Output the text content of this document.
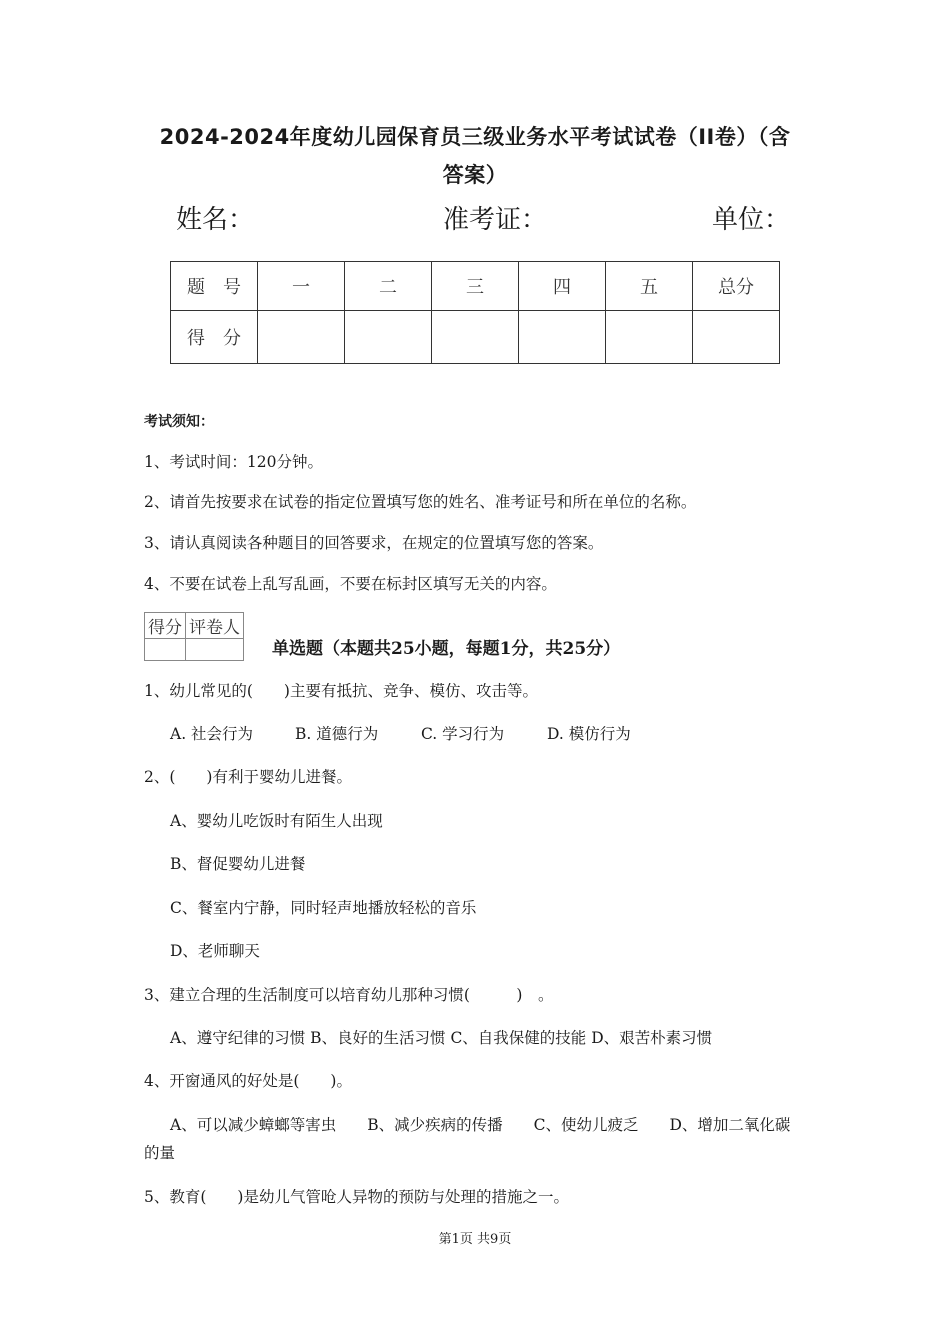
2024-2024年度幼儿园保育员三级业务水平考试试卷（II卷）（含
答案）
姓名：	准考证：	单位：
题　号	一	二	三	四	五	总分
得　分						
考试须知：
1、考试时间：120分钟。
2、请首先按要求在试卷的指定位置填写您的姓名、准考证号和所在单位的名称。
3、请认真阅读各种题目的回答要求，在规定的位置填写您的答案。
4、不要在试卷上乱写乱画，不要在标封区填写无关的内容。
得分	评卷人

单选题（本题共25小题，每题1分，共25分）
1、幼儿常见的(　　)主要有抵抗、竞争、模仿、攻击等。
A. 社会行为	B. 道德行为	C. 学习行为	D. 模仿行为
2、(　　)有利于婴幼儿进餐。
A、婴幼儿吃饭时有陌生人出现
B、督促婴幼儿进餐
C、餐室内宁静，同时轻声地播放轻松的音乐
D、老师聊天
3、建立合理的生活制度可以培育幼儿那种习惯(　　　)　。
A、遵守纪律的习惯 B、良好的生活习惯 C、自我保健的技能 D、艰苦朴素习惯
4、开窗通风的好处是(　　)。
A、可以减少蟑螂等害虫　　B、减少疾病的传播　　C、使幼儿疲乏　　D、增加二氧化碳
的量
5、教育(　　)是幼儿气管呛人异物的预防与处理的措施之一。
第1页 共9页
